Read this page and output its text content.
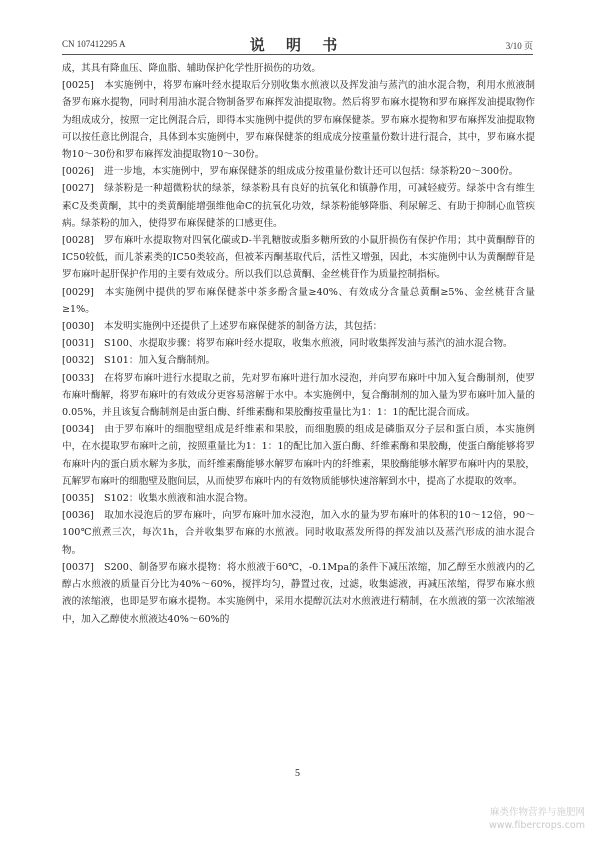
CN 107412295 A	说 明 书	3/10 页

成，其具有降血压、降血脂、辅助保护化学性肝损伤的功效。

[0025] 本实施例中，将罗布麻叶经水提取后分别收集水煎液以及挥发油与蒸汽的油水混合物，利用水煎液制备罗布麻水提物，同时利用油水混合物制备罗布麻挥发油提取物。然后将罗布麻水提物和罗布麻挥发油提取物作为组成成分，按照一定比例混合后，即得本实施例中提供的罗布麻保健茶。罗布麻水提物和罗布麻挥发油提取物可以按任意比例混合，具体到本实施例中，罗布麻保健茶的组成成分按重量份数计进行混合，其中，罗布麻水提物10～30份和罗布麻挥发油提取物10～30份。

[0026] 进一步地，本实施例中，罗布麻保健茶的组成成分按重量份数计还可以包括：绿茶粉20～300份。

[0027] 绿茶粉是一种超微粉状的绿茶，绿茶粉具有良好的抗氧化和镇静作用，可减轻疲劳。绿茶中含有维生素C及类黄酮，其中的类黄酮能增强维他命C的抗氧化功效，绿茶粉能够降脂、利尿解乏、有助于抑制心血管疾病。绿茶粉的加入，使得罗布麻保健茶的口感更佳。

[0028] 罗布麻叶水提取物对四氧化碳或D-半乳糖胺或脂多糖所致的小鼠肝损伤有保护作用；其中黄酮醇苷的IC50较低，而儿茶素类的IC50类较高，但被苯丙酮基取代后，活性又增强，因此，本实施例中认为黄酮醇苷是罗布麻叶起肝保护作用的主要有效成分。所以我们以总黄酮、金丝桃苷作为质量控制指标。

[0029] 本实施例中提供的罗布麻保健茶中茶多酚含量≥40%、有效成分含量总黄酮≥5%、金丝桃苷含量≥1%。

[0030] 本发明实施例中还提供了上述罗布麻保健茶的制备方法，其包括：

[0031] S100、水提取步骤：将罗布麻叶经水提取，收集水煎液，同时收集挥发油与蒸汽的油水混合物。

[0032] S101：加入复合酶制剂。

[0033] 在将罗布麻叶进行水提取之前，先对罗布麻叶进行加水浸泡，并向罗布麻叶中加入复合酶制剂，使罗布麻叶酶解，将罗布麻叶的有效成分更容易溶解于水中。本实施例中，复合酶制剂的加入量为罗布麻叶加入量的0.05%，并且该复合酶制剂是由蛋白酶、纤维素酶和果胶酶按重量比为1：1：1的配比混合而成。

[0034] 由于罗布麻叶的细胞壁组成是纤维素和果胶，而细胞膜的组成是磷脂双分子层和蛋白质，本实施例中，在水提取罗布麻叶之前，按照重量比为1：1：1的配比加入蛋白酶、纤维素酶和果胶酶，使蛋白酶能够将罗布麻叶内的蛋白质水解为多肽，而纤维素酶能够水解罗布麻叶内的纤维素，果胶酶能够水解罗布麻叶内的果胶，瓦解罗布麻叶的细胞壁及胞间层，从而使罗布麻叶内的有效物质能够快速溶解到水中，提高了水提取的效率。

[0035] S102：收集水煎液和油水混合物。

[0036] 取加水浸泡后的罗布麻叶，向罗布麻叶加水浸泡，加入水的量为罗布麻叶的体积的10～12倍，90～100℃煎煮三次，每次1h，合并收集罗布麻的水煎液。同时收取蒸发所得的挥发油以及蒸汽形成的油水混合物。

[0037] S200、制备罗布麻水提物：将水煎液于60℃，-0.1Mpa的条件下减压浓缩，加乙醇至水煎液内的乙醇占水煎液的质量百分比为40%～60%，搅拌均匀，静置过夜，过滤，收集滤液，再减压浓缩，得罗布麻水煎液的浓缩液，也即是罗布麻水提物。本实施例中，采用水提醇沉法对水煎液进行精制，在水煎液的第一次浓缩液中，加入乙醇使水煎液达40%～60%的

5
麻类作物营养与施肥网
www.fibercrops.com
